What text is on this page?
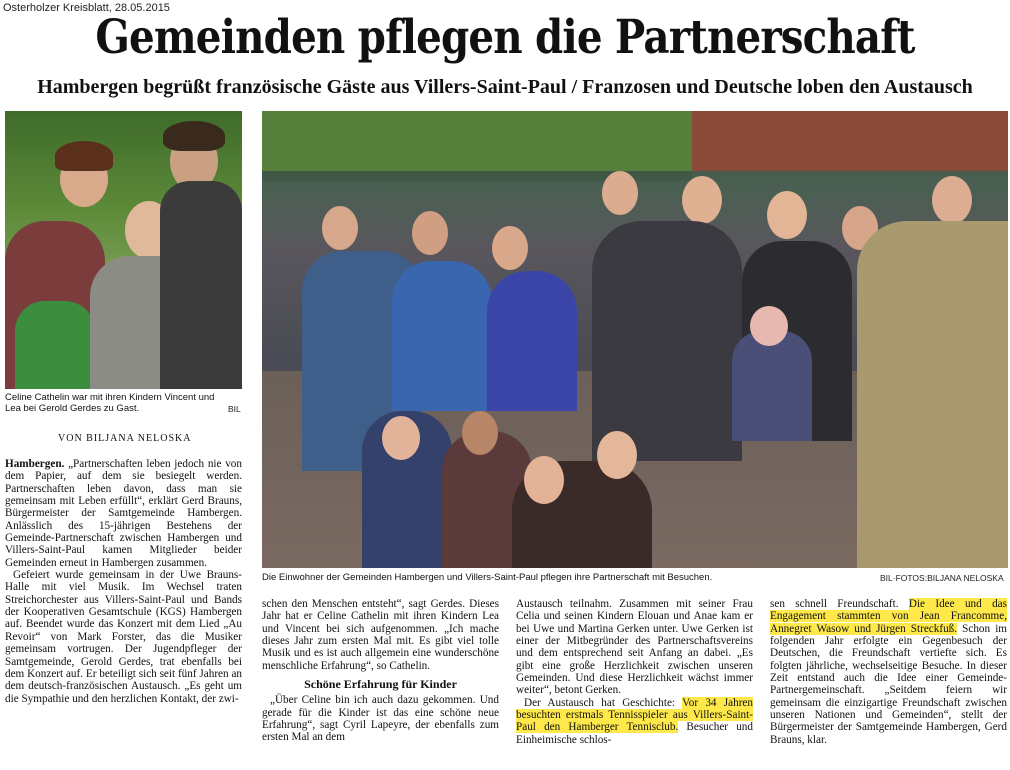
Osterholzer Kreisblatt, 28.05.2015
Gemeinden pflegen die Partnerschaft
Hambergen begrüßt französische Gäste aus Villers-Saint-Paul / Franzosen und Deutsche loben den Austausch
Celine Cathelin war mit ihren Kindern Vincent und Lea bei Gerold Gerdes zu Gast.	BIL
Die Einwohner der Gemeinden Hambergen und Villers-Saint-Paul pflegen ihre Partnerschaft mit Besuchen.	BIL·FOTOS:BILJANA NELOSKA
VON BILJANA NELOSKA

Hambergen. „Partnerschaften leben jedoch nie von dem Papier, auf dem sie besiegelt werden. Partnerschaften leben davon, dass man sie gemeinsam mit Leben erfüllt“, erklärt Gerd Brauns, Bürgermeister der Samtgemeinde Hambergen. Anlässlich des 15-jährigen Bestehens der Gemeinde-Partnerschaft zwischen Hambergen und Villers-Saint-Paul kamen Mitglieder beider Gemeinden erneut in Hambergen zusammen.

Gefeiert wurde gemeinsam in der Uwe Brauns-Halle mit viel Musik. Im Wechsel traten Streichorchester aus Villers-Saint-Paul und Bands der Kooperativen Gesamtschule (KGS) Hambergen auf. Beendet wurde das Konzert mit dem Lied „Au Revoir“ von Mark Forster, das die Musiker gemeinsam vortrugen. Der Jugendpfleger der Samtgemeinde, Gerold Gerdes, trat ebenfalls bei dem Konzert auf. Er beteiligt sich seit fünf Jahren an dem deutsch-französischen Austausch. „Es geht um die Sympathie und den herzlichen Kontakt, der zwi-

schen den Menschen entsteht“, sagt Gerdes. Dieses Jahr hat er Celine Cathelin mit ihren Kindern Lea und Vincent bei sich aufgenommen. „Ich mache dieses Jahr zum ersten Mal mit. Es gibt viel tolle Musik und es ist auch allgemein eine wunderschöne menschliche Erfahrung“, so Cathelin.

Schöne Erfahrung für Kinder

„Über Celine bin ich auch dazu gekommen. Und gerade für die Kinder ist das eine schöne neue Erfahrung“, sagt Cyril Lapeyre, der ebenfalls zum ersten Mal an dem

Austausch teilnahm. Zusammen mit seiner Frau Celia und seinen Kindern Elouan und Anae kam er bei Uwe und Martina Gerken unter. Uwe Gerken ist einer der Mitbegründer des Partnerschaftsvereins und dem entsprechend seit Anfang an dabei. „Es gibt eine große Herzlichkeit zwischen unseren Gemeinden. Und diese Herzlichkeit wächst immer weiter“, betont Gerken.

Der Austausch hat Geschichte: Vor 34 Jahren besuchten erstmals Tennisspieler aus Villers-Saint-Paul den Hamberger Tennisclub. Besucher und Einheimische schlos-

sen schnell Freundschaft. Die Idee und das Engagement stammten von Jean Francomme, Annegret Wasow und Jürgen Streckfuß. Schon im folgenden Jahr erfolgte ein Gegenbesuch der Deutschen, die Freundschaft vertiefte sich. Es folgten jährliche, wechselseitige Besuche. In dieser Zeit entstand auch die Idee einer Gemeinde-Partnergemeinschaft. „Seitdem feiern wir gemeinsam die einzigartige Freundschaft zwischen unseren Nationen und Gemeinden“, stellt der Bürgermeister der Samtgemeinde Hambergen, Gerd Brauns, klar.
